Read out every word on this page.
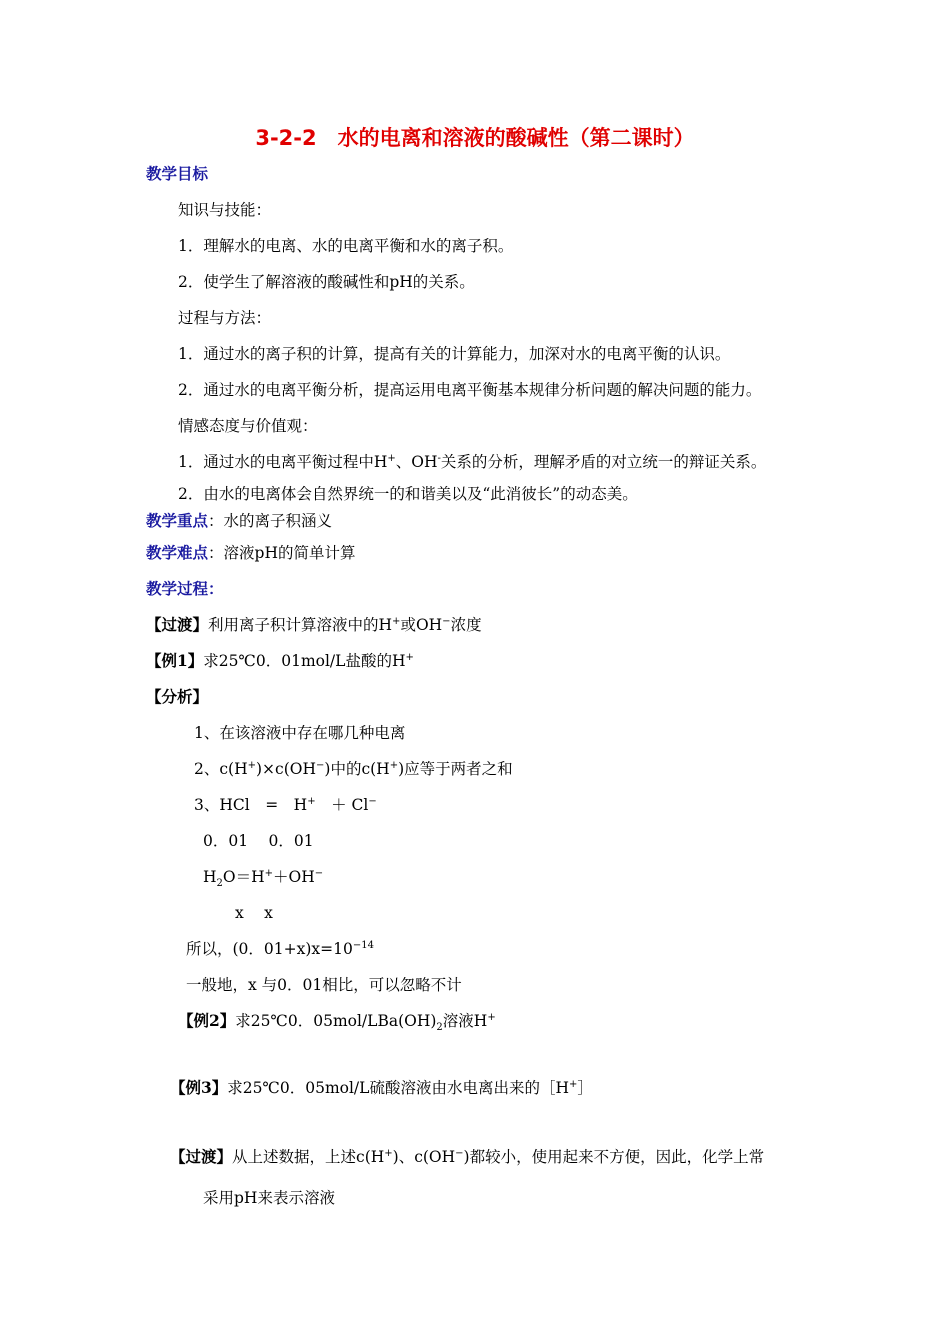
3-2-2　水的电离和溶液的酸碱性（第二课时）
教学目标
知识与技能：
1．理解水的电离、水的电离平衡和水的离子积。
2．使学生了解溶液的酸碱性和pH的关系。
过程与方法：
1．通过水的离子积的计算，提高有关的计算能力，加深对水的电离平衡的认识。
2．通过水的电离平衡分析，提高运用电离平衡基本规律分析问题的解决问题的能力。
情感态度与价值观：
1．通过水的电离平衡过程中H+、OH-关系的分析，理解矛盾的对立统一的辩证关系。
2．由水的电离体会自然界统一的和谐美以及“此消彼长”的动态美。
教学重点：水的离子积涵义
教学难点：溶液pH的简单计算
教学过程：
【过渡】利用离子积计算溶液中的H+或OH−浓度
【例1】求25℃0．01mol/L盐酸的H+
【分析】
1、在该溶液中存在哪几种电离
2、c(H+)×c(OH−)中的c(H+)应等于两者之和
3、HCl　=　H+　＋ Cl−
0．01　 0．01
$H_2O=H^++OH^-$
x　 x
所以，(0．$01+x)x=10^{-14}$
一般地，x 与0．01相比，可以忽略不计
【例2】求25℃0．$05mol/LBa(OH)_2$溶液H+
【例3】求25℃0．05mol/L硫酸溶液由水电离出来的［H+］
【过渡】从上述数据，上述c(H+)、c(OH−)都较小，使用起来不方便，因此，化学上常
采用pH来表示溶液
